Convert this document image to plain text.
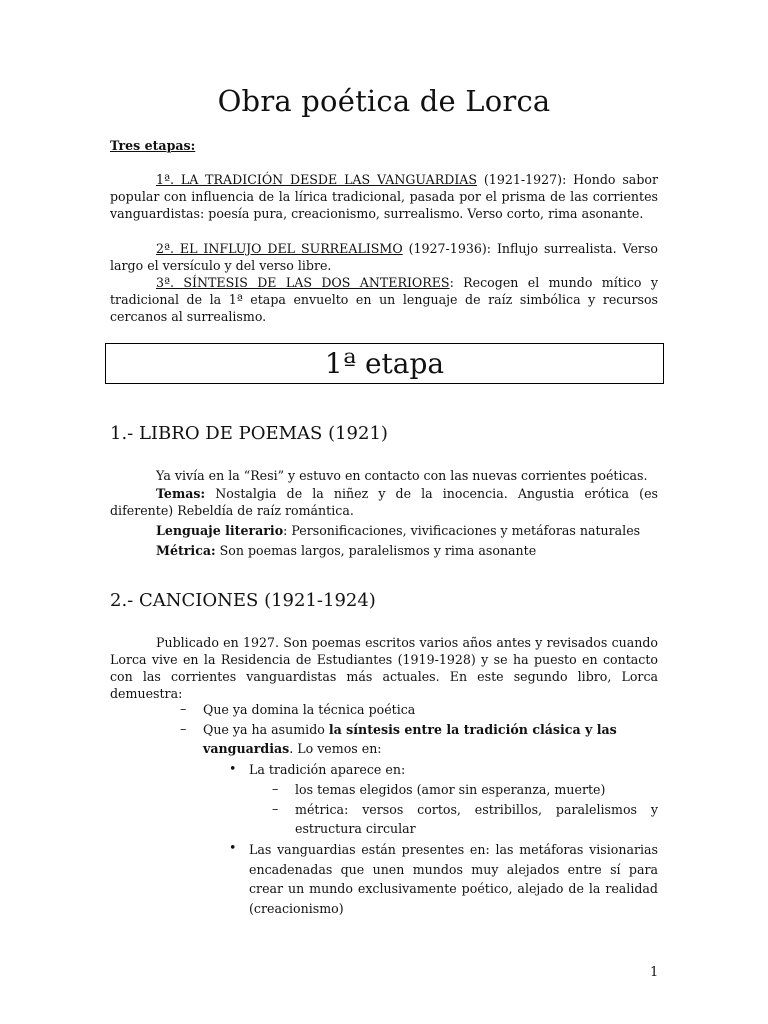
Obra poética de Lorca
Tres etapas:
1ª. LA TRADICIÓN DESDE LAS VANGUARDIAS (1921-1927): Hondo sabor popular con influencia de la lírica tradicional, pasada por el prisma de las corrientes vanguardistas: poesía pura, creacionismo, surrealismo. Verso corto, rima asonante.
2ª. EL INFLUJO DEL SURREALISMO (1927-1936): Influjo surrealista. Verso largo el versículo y del verso libre.
3ª. SÍNTESIS DE LAS DOS ANTERIORES: Recogen el mundo mítico y tradicional de la 1ª etapa envuelto en un lenguaje de raíz simbólica y recursos cercanos al surrealismo.
1ª etapa
1.- LIBRO DE POEMAS (1921)
Ya vivía en la “Resi” y estuvo en contacto con las nuevas corrientes poéticas.
Temas: Nostalgia de la niñez y de la inocencia. Angustia erótica (es diferente) Rebeldía de raíz romántica.
Lenguaje literario: Personificaciones, vivificaciones y metáforas naturales
Métrica: Son poemas largos, paralelismos y rima asonante
2.- CANCIONES (1921-1924)
Publicado en 1927. Son poemas escritos varios años antes y revisados cuando Lorca vive en la Residencia de Estudiantes (1919-1928) y se ha puesto en contacto con las corrientes vanguardistas más actuales. En este segundo libro, Lorca demuestra:
– Que ya domina la técnica poética
– Que ya ha asumido la síntesis entre la tradición clásica y las
vanguardias. Lo vemos en:
• La tradición aparece en:
– los temas elegidos (amor sin esperanza, muerte)
– métrica: versos cortos, estribillos, paralelismos y
estructura circular
• Las vanguardias están presentes en: las metáforas visionarias encadenadas que unen mundos muy alejados entre sí para crear un mundo exclusivamente poético, alejado de la realidad (creacionismo)
1
